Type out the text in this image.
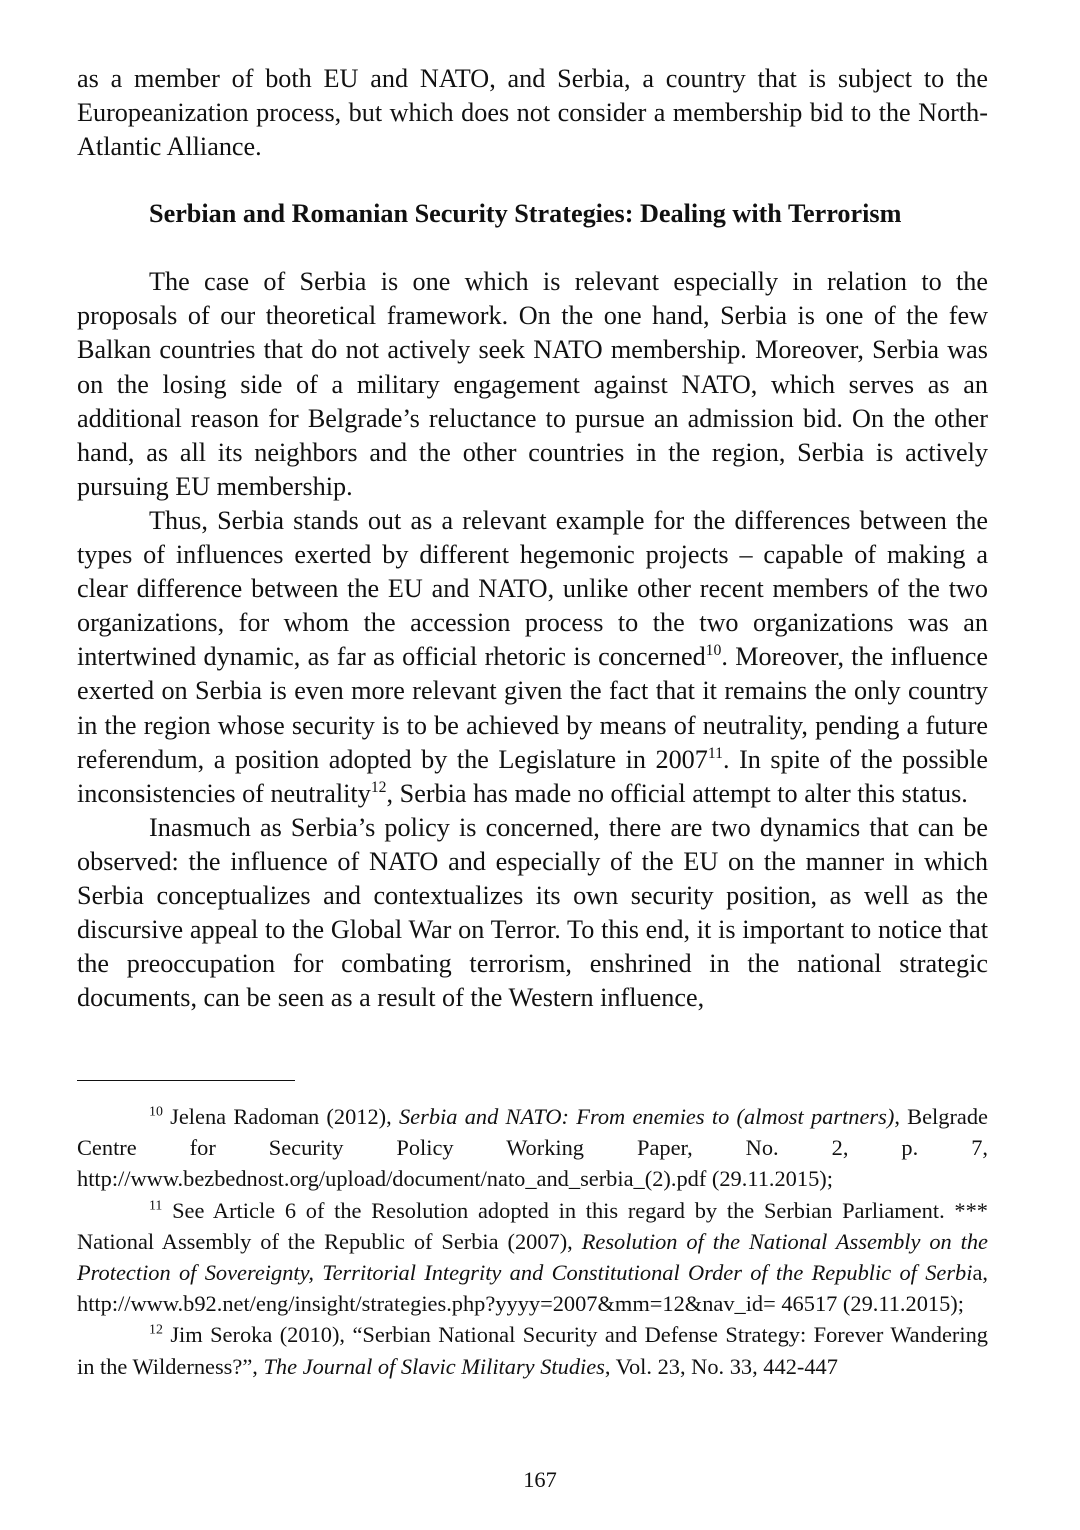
as a member of both EU and NATO, and Serbia, a country that is subject to the Europeanization process, but which does not consider a membership bid to the North-Atlantic Alliance.

Serbian and Romanian Security Strategies: Dealing with Terrorism

The case of Serbia is one which is relevant especially in relation to the proposals of our theoretical framework. On the one hand, Serbia is one of the few Balkan countries that do not actively seek NATO membership. Moreover, Serbia was on the losing side of a military engagement against NATO, which serves as an additional reason for Belgrade’s reluctance to pursue an admission bid. On the other hand, as all its neighbors and the other countries in the region, Serbia is actively pursuing EU membership.

Thus, Serbia stands out as a relevant example for the differences between the types of influences exerted by different hegemonic projects – capable of making a clear difference between the EU and NATO, unlike other recent members of the two organizations, for whom the accession process to the two organizations was an intertwined dynamic, as far as official rhetoric is concerned$^{10}$. Moreover, the influence exerted on Serbia is even more relevant given the fact that it remains the only country in the region whose security is to be achieved by means of neutrality, pending a future referendum, a position adopted by the Legislature in 2007$^{11}$. In spite of the possible inconsistencies of neutrality$^{12}$, Serbia has made no official attempt to alter this status.

Inasmuch as Serbia’s policy is concerned, there are two dynamics that can be observed: the influence of NATO and especially of the EU on the manner in which Serbia conceptualizes and contextualizes its own security position, as well as the discursive appeal to the Global War on Terror. To this end, it is important to notice that the preoccupation for combating terrorism, enshrined in the national strategic documents, can be seen as a result of the Western influence,

$^{10}$ Jelena Radoman (2012), Serbia and NATO: From enemies to (almost partners), Belgrade Centre for Security Policy Working Paper, No. 2, p. 7, http://www.bezbednost.org/upload/document/nato_and_serbia_(2).pdf (29.11.2015);

$^{11}$ See Article 6 of the Resolution adopted in this regard by the Serbian Parliament. *** National Assembly of the Republic of Serbia (2007), Resolution of the National Assembly on the Protection of Sovereignty, Territorial Integrity and Constitutional Order of the Republic of Serbia, http://www.b92.net/eng/insight/strategies.php?yyyy=2007&mm=12&nav_id= 46517 (29.11.2015);

$^{12}$ Jim Seroka (2010), “Serbian National Security and Defense Strategy: Forever Wandering in the Wilderness?”, The Journal of Slavic Military Studies, Vol. 23, No. 33, 442-447

167
